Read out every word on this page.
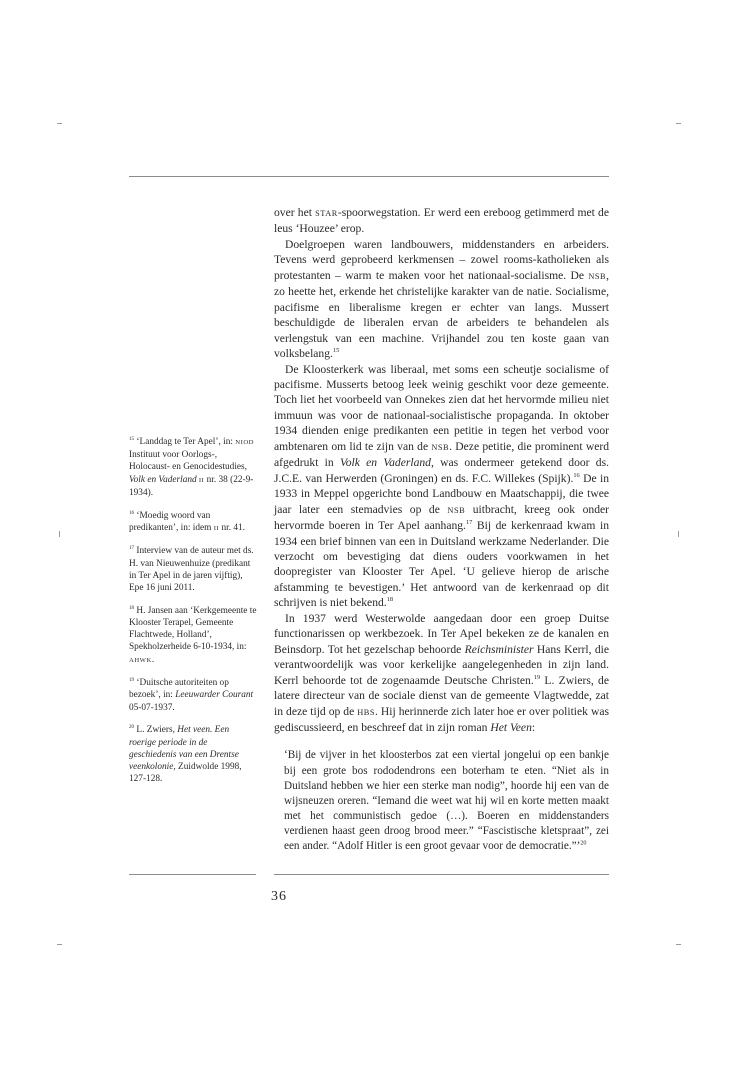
over het STAR-spoorwegstation. Er werd een ereboog getimmerd met de leus ‘Houzee’ erop.

Doelgroepen waren landbouwers, middenstanders en arbeiders. Tevens werd geprobeerd kerkmensen – zowel rooms-katholieken als protestanten – warm te maken voor het nationaal-socialisme. De NSB, zo heette het, erkende het christelijke karakter van de natie. Socialisme, pacifisme en liberalisme kregen er echter van langs. Mussert beschuldigde de liberalen ervan de arbeiders te behandelen als verlengstuk van een machine. Vrijhandel zou ten koste gaan van volksbelang.$^{15}$

De Kloosterkerk was liberaal, met soms een scheutje socialisme of pacifisme. Musserts betoog leek weinig geschikt voor deze gemeente. Toch liet het voorbeeld van Onnekes zien dat het hervormde milieu niet immuun was voor de nationaal-socialistische propaganda. In oktober 1934 dienden enige predikanten een petitie in tegen het verbod voor ambtenaren om lid te zijn van de NSB. Deze petitie, die prominent werd afgedrukt in Volk en Vaderland, was ondermeer getekend door ds. J.C.E. van Herwerden (Groningen) en ds. F.C. Willekes (Spijk).$^{16}$ De in 1933 in Meppel opgerichte bond Landbouw en Maatschappij, die twee jaar later een stemadvies op de NSB uitbracht, kreeg ook onder hervormde boeren in Ter Apel aanhang.$^{17}$ Bij de kerkenraad kwam in 1934 een brief binnen van een in Duitsland werkzame Nederlander. Die verzocht om bevestiging dat diens ouders voorkwamen in het doopregister van Klooster Ter Apel. ‘U gelieve hierop de arische afstamming te bevestigen.’ Het antwoord van de kerkenraad op dit schrijven is niet bekend.$^{18}$

In 1937 werd Westerwolde aangedaan door een groep Duitse functionarissen op werkbezoek. In Ter Apel bekeken ze de kanalen en Beinsdorp. Tot het gezelschap behoorde Reichsminister Hans Kerrl, die verantwoordelijk was voor kerkelijke aangelegenheden in zijn land. Kerrl behoorde tot de zogenaamde Deutsche Christen.$^{19}$ L. Zwiers, de latere directeur van de sociale dienst van de gemeente Vlagtwedde, zat in deze tijd op de HBS. Hij herinnerde zich later hoe er over politiek was gediscussieerd, en beschreef dat in zijn roman Het Veen:

‘Bij de vijver in het kloosterbos zat een viertal jongelui op een bankje bij een grote bos rododendrons een boterham te eten. “Niet als in Duitsland hebben we hier een sterke man nodig”, hoorde hij een van de wijsneuzen oreren. “Iemand die weet wat hij wil en korte metten maakt met het communistisch gedoe (…). Boeren en middenstanders verdienen haast geen droog brood meer.” “Fascistische kletspraat”, zei een ander. “Adolf Hitler is een groot gevaar voor de democratie.”’$^{20}$

$^{15}$ ‘Landdag te Ter Apel’, in: NIOD Instituut voor Oorlogs-, Holocaust- en Genocidestudies, Volk en Vaderland II nr. 38 (22-9-1934).

$^{16}$ ‘Moedig woord van predikanten’, in: idem II nr. 41.

$^{17}$ Interview van de auteur met ds. H. van Nieuwenhuize (predikant in Ter Apel in de jaren vijftig), Epe 16 juni 2011.

$^{18}$ H. Jansen aan ‘Kerkgemeente te Klooster Terapel, Gemeente Flachtwede, Holland’, Spekholzerheide 6-10-1934, in: AHWK.

$^{19}$ ‘Duitsche autoriteiten op bezoek’, in: Leeuwarder Courant 05-07-1937.

$^{20}$ L. Zwiers, Het veen. Een roerige periode in de geschiedenis van een Drentse veenkolonie, Zuidwolde 1998, 127-128.

36
